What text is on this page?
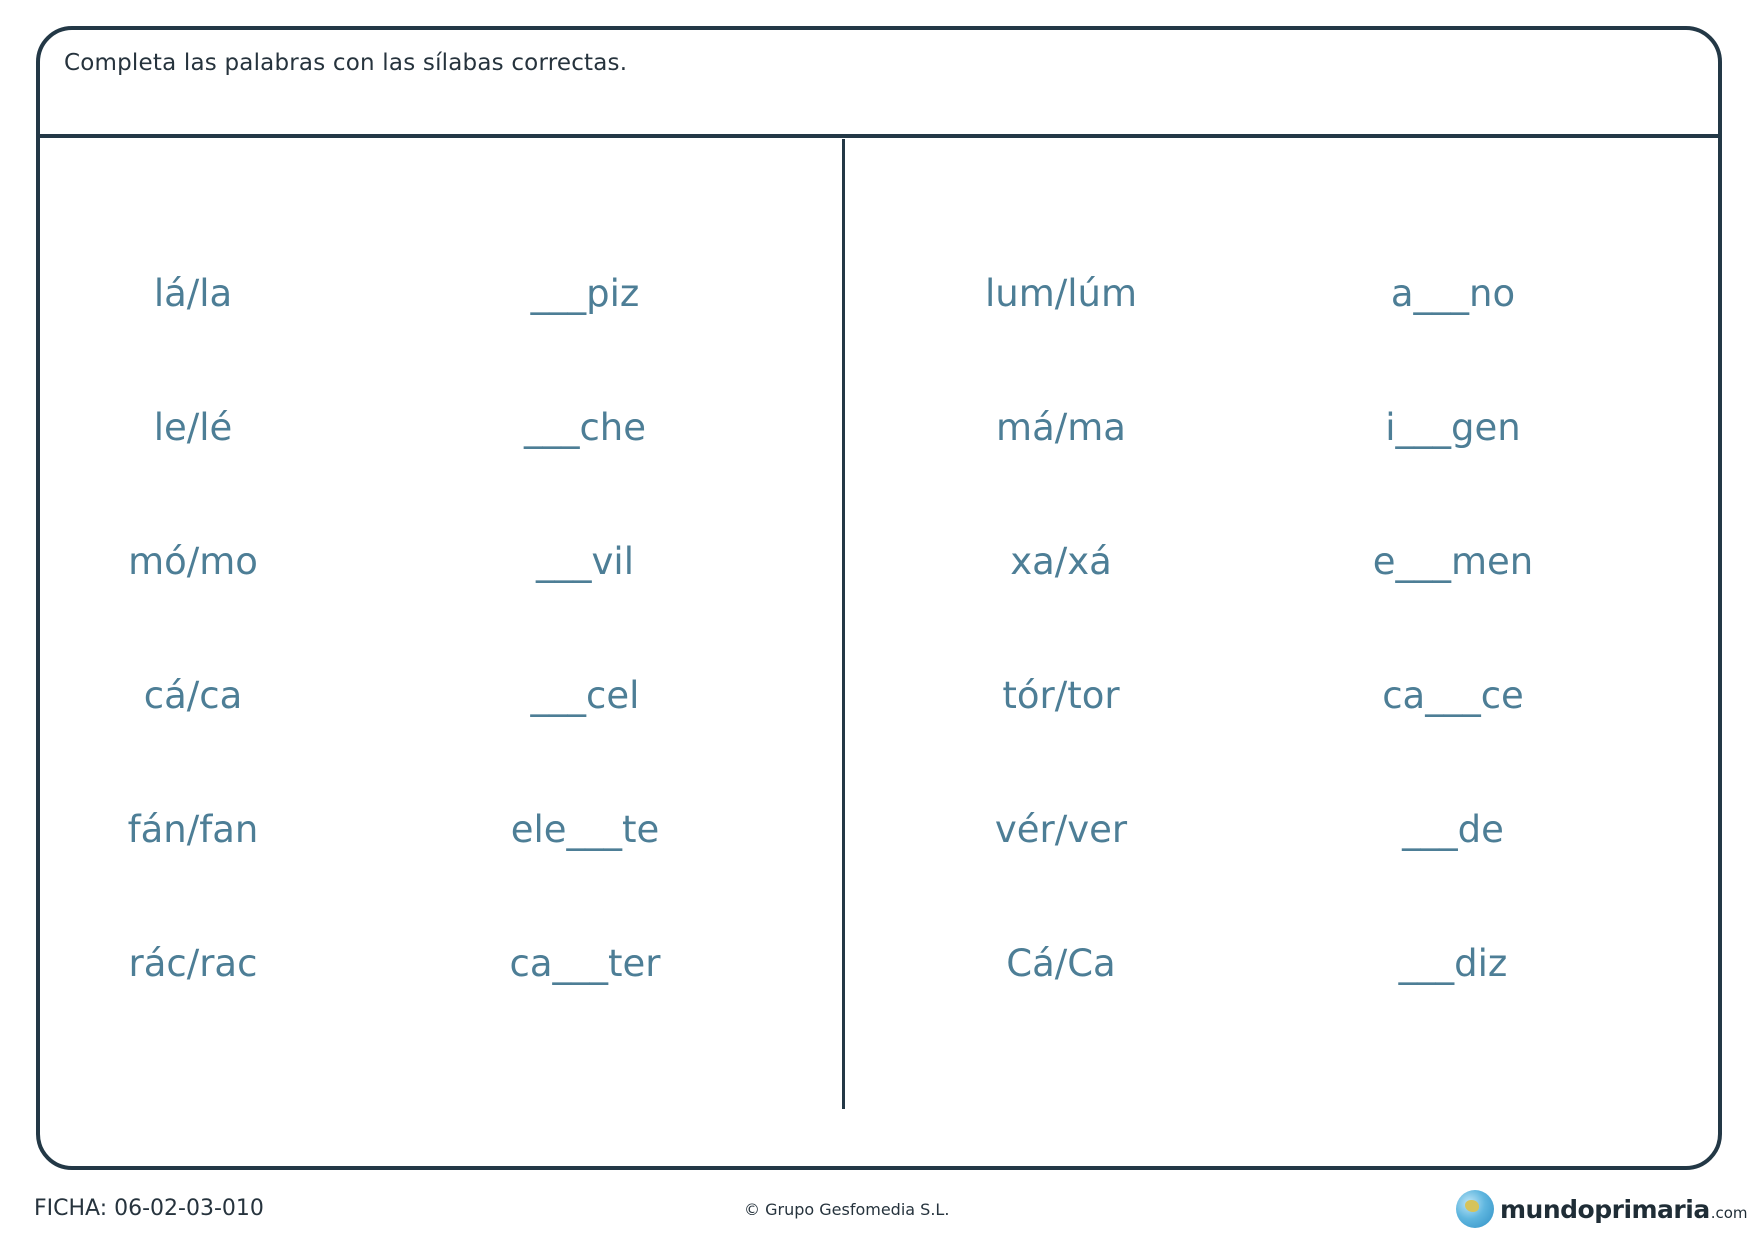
Completa las palabras con las sílabas correctas.
lá/la
le/lé
mó/mo
cá/ca
fán/fan
rác/rac
___piz
___che
___vil
___cel
ele___te
ca___ter
lum/lúm
má/ma
xa/xá
tór/tor
vér/ver
Cá/Ca
a___no
i___gen
e___men
ca___ce
___de
___diz
FICHA: 06-02-03-010	© Grupo Gesfomedia S.L.	mundoprimaria .com
